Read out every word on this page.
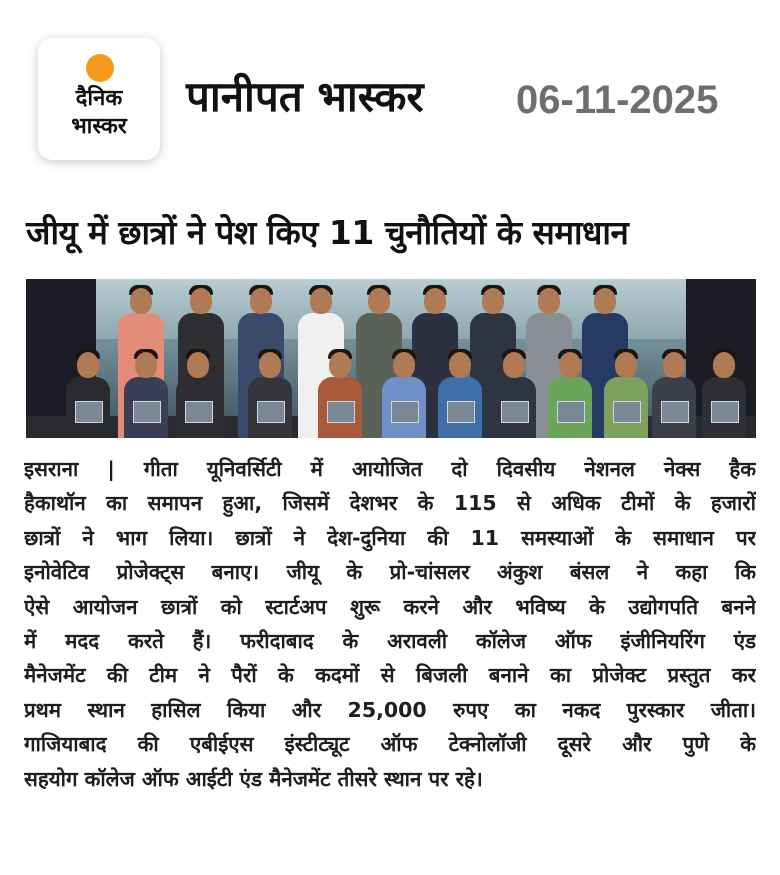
दैनिक
भास्कर
पानीपत भास्कर 06-11-2025
जीयू में छात्रों ने पेश किए 11 चुनौतियों के समाधान
इसराना | गीता यूनिवर्सिटी में आयोजित दो दिवसीय नेशनल नेक्स हैक
हैकाथॉन का समापन हुआ, जिसमें देशभर के 115 से अधिक टीमों के हजारों
छात्रों ने भाग लिया। छात्रों ने देश-दुनिया की 11 समस्याओं के समाधान पर
इनोवेटिव प्रोजेक्ट्स बनाए। जीयू के प्रो-चांसलर अंकुश बंसल ने कहा कि
ऐसे आयोजन छात्रों को स्टार्टअप शुरू करने और भविष्य के उद्योगपति बनने
में मदद करते हैं। फरीदाबाद के अरावली कॉलेज ऑफ इंजीनियरिंग एंड
मैनेजमेंट की टीम ने पैरों के कदमों से बिजली बनाने का प्रोजेक्ट प्रस्तुत कर
प्रथम स्थान हासिल किया और 25,000 रुपए का नकद पुरस्कार जीता।
गाजियाबाद की एबीईएस इंस्टीट्यूट ऑफ टेक्नोलॉजी दूसरे और पुणे के
सहयोग कॉलेज ऑफ आईटी एंड मैनेजमेंट तीसरे स्थान पर रहे।
